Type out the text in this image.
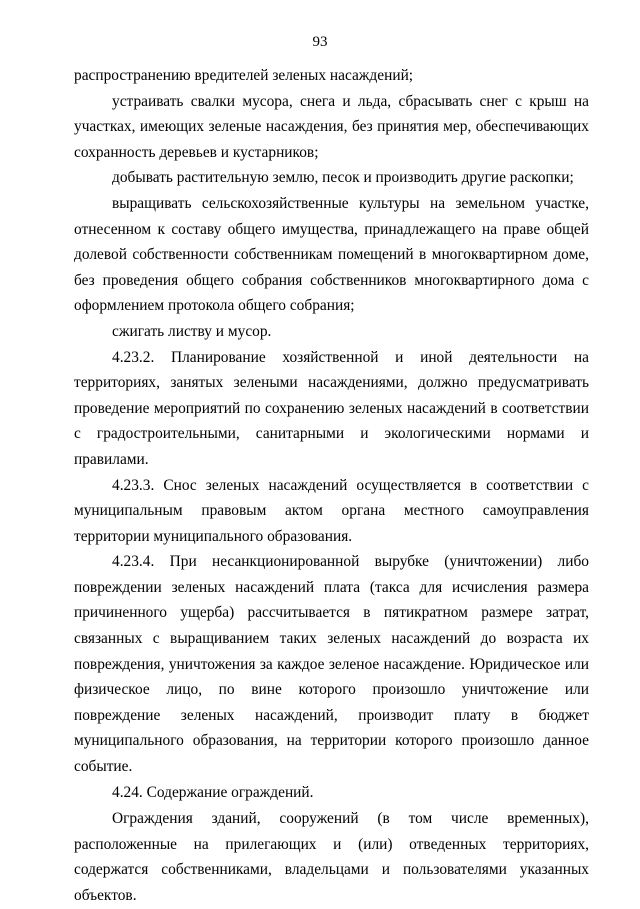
93

распространению вредителей зеленых насаждений;

устраивать свалки мусора, снега и льда, сбрасывать снег с крыш на участках, имеющих зеленые насаждения, без принятия мер, обеспечивающих сохранность деревьев и кустарников;

добывать растительную землю, песок и производить другие раскопки;

выращивать сельскохозяйственные культуры на земельном участке, отнесенном к составу общего имущества, принадлежащего на праве общей долевой собственности собственникам помещений в многоквартирном доме, без проведения общего собрания собственников многоквартирного дома с оформлением протокола общего собрания;

сжигать листву и мусор.

4.23.2. Планирование хозяйственной и иной деятельности на территориях, занятых зелеными насаждениями, должно предусматривать проведение мероприятий по сохранению зеленых насаждений в соответствии с градостроительными, санитарными и экологическими нормами и правилами.

4.23.3. Снос зеленых насаждений осуществляется в соответствии с муниципальным правовым актом органа местного самоуправления территории муниципального образования.

4.23.4. При несанкционированной вырубке (уничтожении) либо повреждении зеленых насаждений плата (такса для исчисления размера причиненного ущерба) рассчитывается в пятикратном размере затрат, связанных с выращиванием таких зеленых насаждений до возраста их повреждения, уничтожения за каждое зеленое насаждение. Юридическое или физическое лицо, по вине которого произошло уничтожение или повреждение зеленых насаждений, производит плату в бюджет муниципального образования, на территории которого произошло данное событие.

4.24. Содержание ограждений.

Ограждения зданий, сооружений (в том числе временных), расположенные на прилегающих и (или) отведенных территориях, содержатся собственниками, владельцами и пользователями указанных объектов.
